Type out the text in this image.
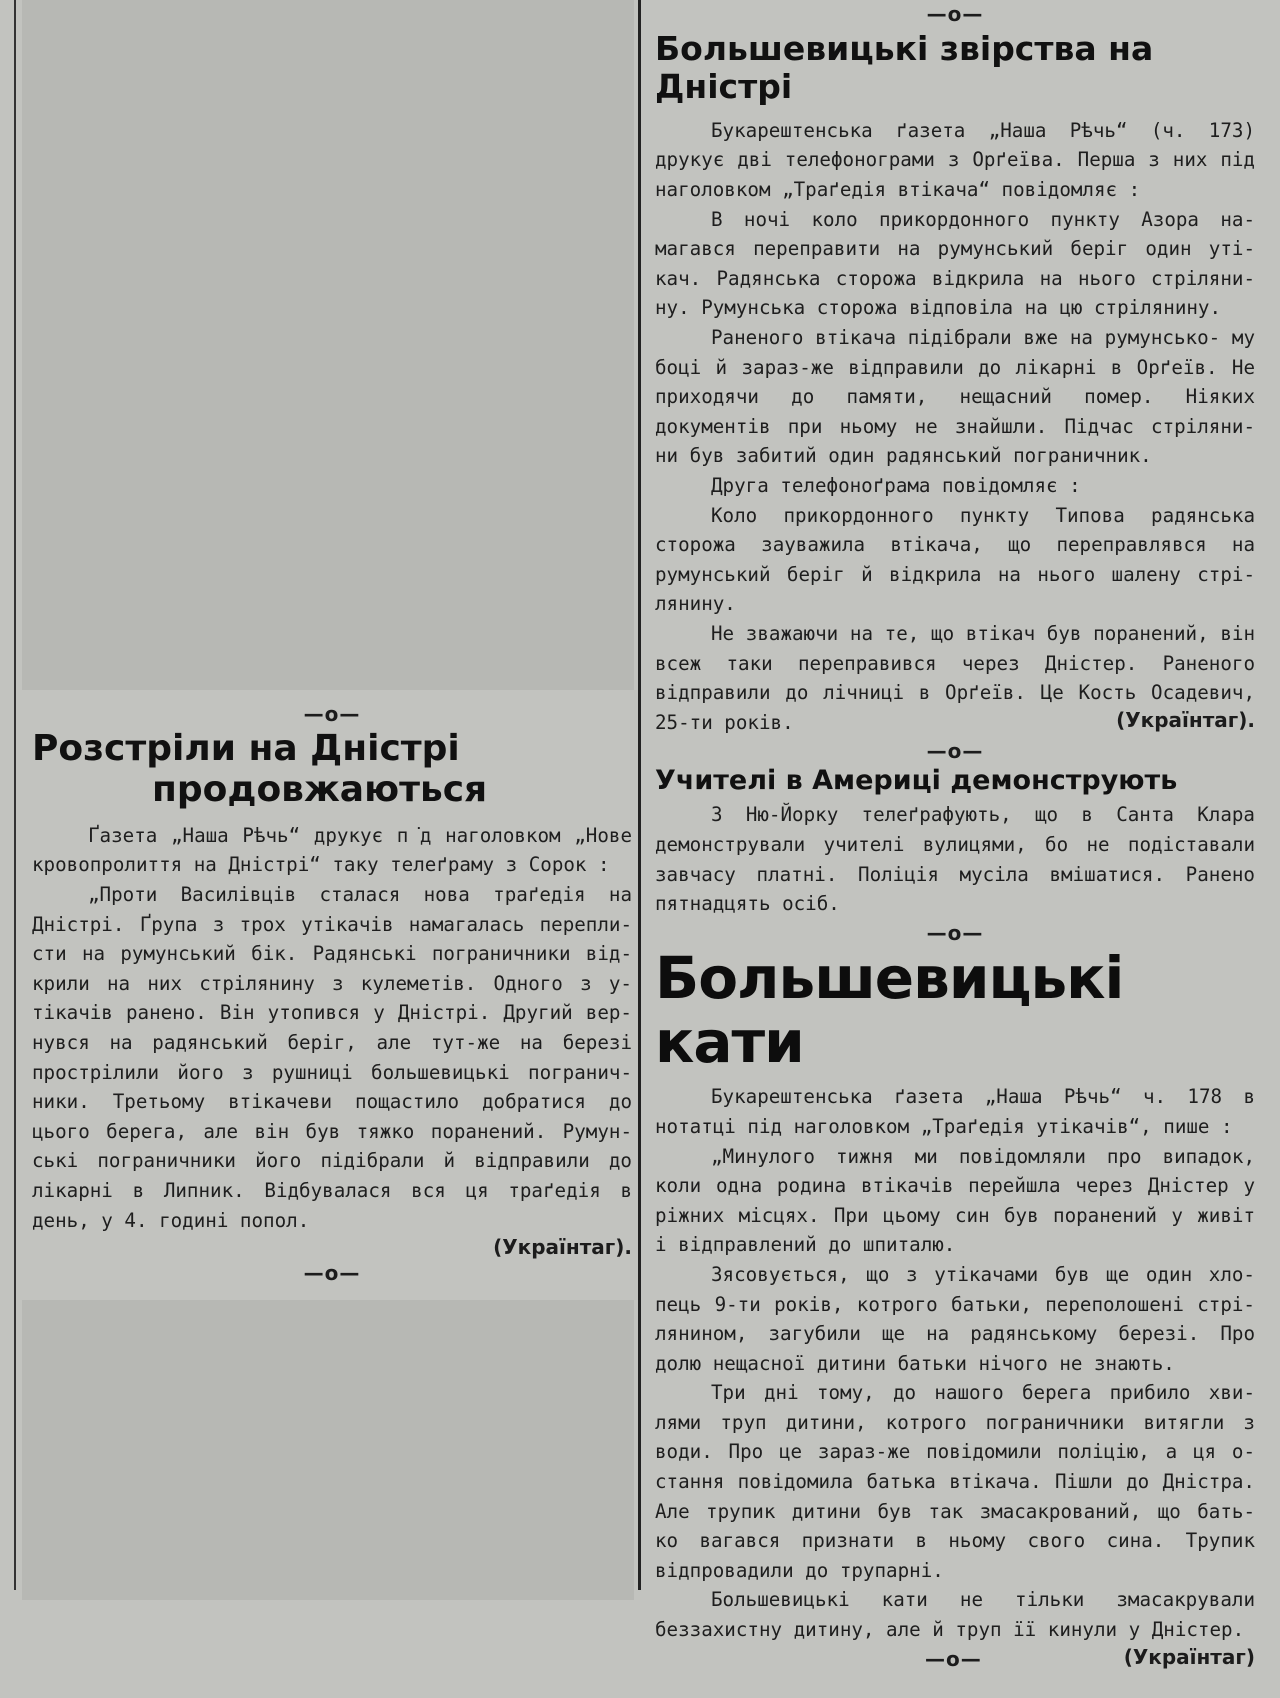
—o—
Розстріли на Дністрі
продовжаються

Ґазета „Наша Рѣчь“ друкує п͘д наголовком „Нове кровопролиття на Дністрі“ таку телеґраму з Сорок :

„Проти Василівців сталася нова траґедія на Дністрі. Ґрупа з трох утікачів намагалась перепли- сти на румунський бік. Радянські пограничники від- крили на них стрілянину з кулеметів. Одного з у- тікачів ранено. Він утопився у Дністрі. Другий вер- нувся на радянський беріг, але тут-же на березі прострілили його з рушниці большевицькі погранич- ники. Третьому втікачеви пощастило добратися до цього берега, але він був тяжко поранений. Румун- ські пограничники його підібрали й відправили до лікарні в Липник. Відбувалася вся ця траґедія в день, у 4. годині попол.

(Українтаг).
—o—
—o—
Большевицькі звірства на Дністрі

Букарештенська ґазета „Наша Рѣчь“ (ч. 173) друкує дві телефонограми з Орґеїва. Перша з них під наголовком „Траґедія втікача“ повідомляє :

В ночі коло прикордонного пункту Азора на- магався переправити на румунський беріг один уті- кач. Радянська сторожа відкрила на нього стріляни- ну. Румунська сторожа відповіла на цю стрілянину.

Раненого втікача підібрали вже на румунсько- му боці й зараз-же відправили до лікарні в Орґеїв. Не приходячи до памяти, нещасний помер. Ніяких документів при ньому не знайшли. Підчас стріляни- ни був забитий один радянський пограничник.

Друга телефоноґрама повідомляє :

Коло прикордонного пункту Типова радянська сторожа зауважила втікача, що переправлявся на румунський беріг й відкрила на нього шалену стрі- лянину.

Не зважаючи на те, що втікач був поранений, він всеж таки переправився через Дністер. Раненого відправили до лічниці в Орґеїв. Це Кость Осадевич, 25-ти років.	(Українтаг).
—o—
Учителі в Америці демонструють

З Ню-Йорку телеґрафують, що в Санта Клара демонстрували учителі вулицями, бо не подіставали завчасу платні. Поліція мусіла вмішатися. Ранено пятнадцять осіб.

—o—
Большевицькі кати

Букарештенська ґазета „Наша Рѣчь“ ч. 178 в нотатці під наголовком „Траґедія утікачів“, пише :

„Минулого тижня ми повідомляли про випадок, коли одна родина втікачів перейшла через Дністер у ріжних місцях. При цьому син був поранений у живіт і відправлений до шпиталю.

Зясовується, що з утікачами був ще один хло- пець 9-ти років, котрого батьки, переполошені стрі- лянином, загубили ще на радянському березі. Про долю нещасної дитини батьки нічого не знають.

Три дні тому, до нашого берега прибило хви- лями труп дитини, котрого пограничники витягли з води. Про це зараз-же повідомили поліцію, а ця о- стання повідомила батька втікача. Пішли до Дністра. Але трупик дитини був так змасакрований, що бать- ко вагався признати в ньому свого сина. Трупик відпровадили до трупарні.

Большевицькі кати не тільки змасакрували беззахистну дитину, але й труп її кинули у Дністер.

—o—	(Українтаг)
